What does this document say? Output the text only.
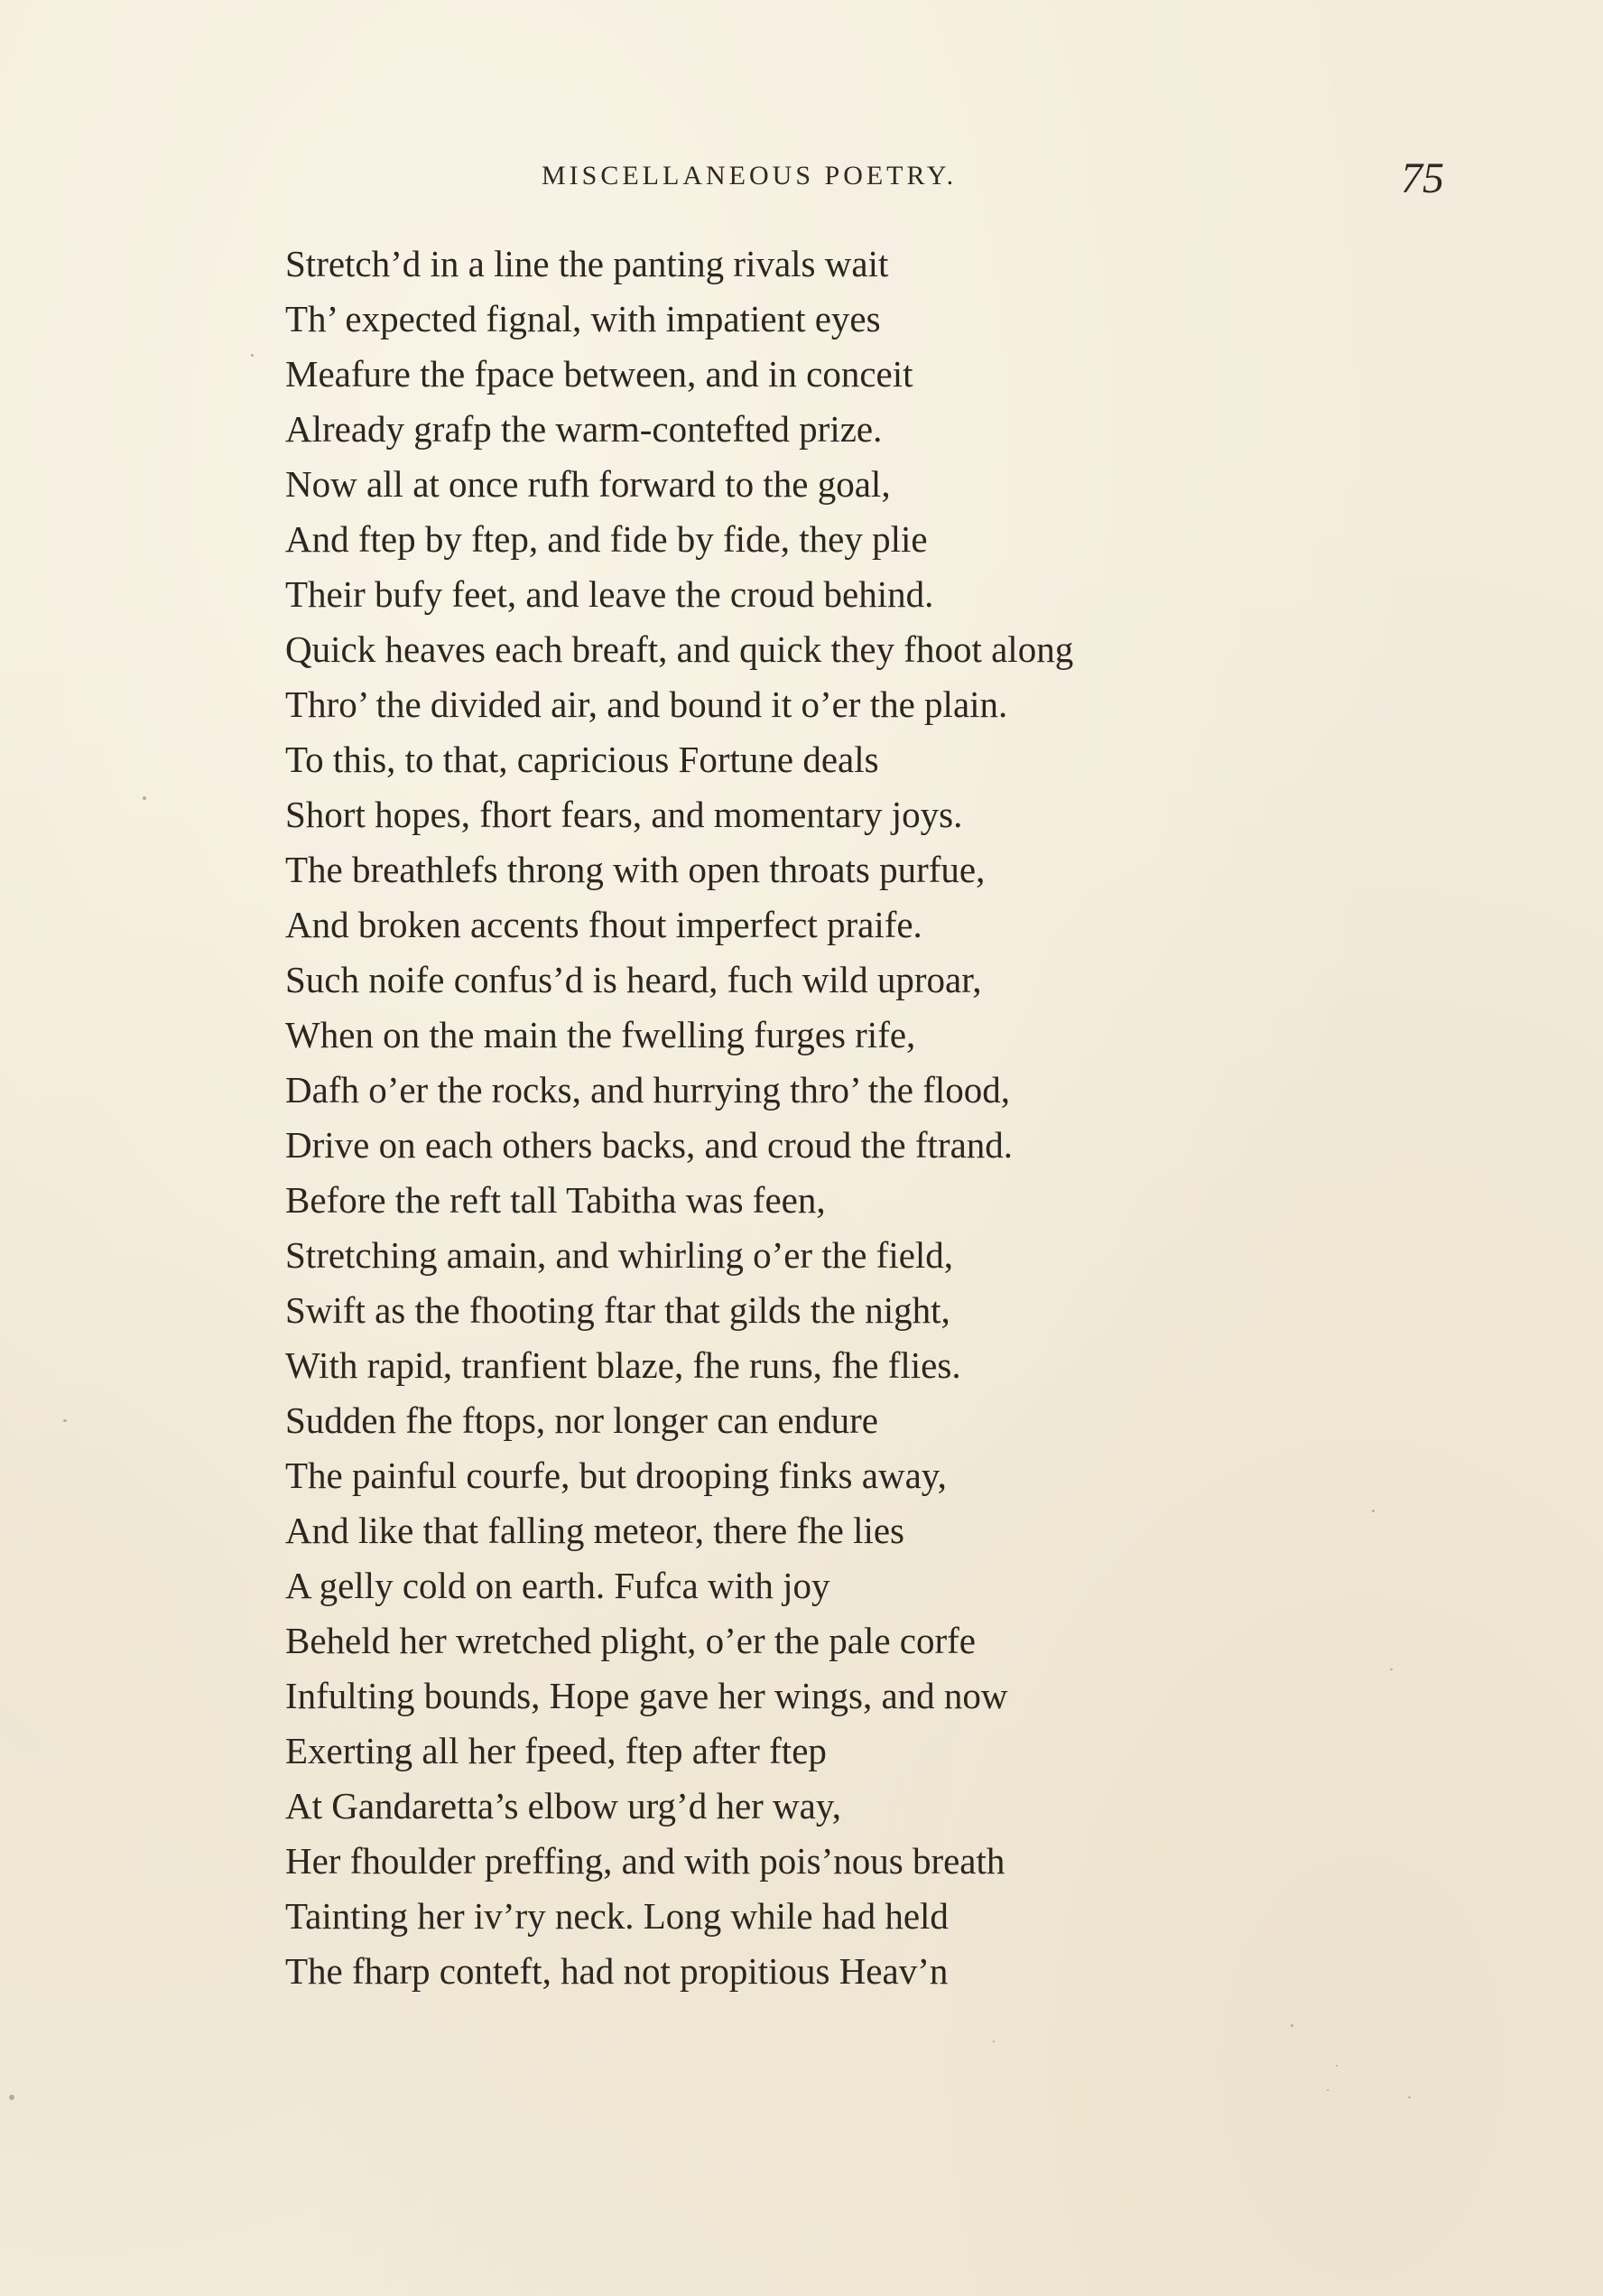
MISCELLANEOUS POETRY.	75
Stretch’d in a line the panting rivals wait
Th’ expected fignal, with impatient eyes
Meafure the fpace between, and in conceit
Already grafp the warm-contefted prize.
Now all at once rufh forward to the goal,
And ftep by ftep, and fide by fide, they plie
Their bufy feet, and leave the croud behind.
Quick heaves each breaft, and quick they fhoot along
Thro’ the divided air, and bound it o’er the plain.
To this, to that, capricious Fortune deals
Short hopes, fhort fears, and momentary joys.
The breathlefs throng with open throats purfue,
And broken accents fhout imperfect praife.
Such noife confus’d is heard, fuch wild uproar,
When on the main the fwelling furges rife,
Dafh o’er the rocks, and hurrying thro’ the flood,
Drive on each others backs, and croud the ftrand.
Before the reft tall Tabitha was feen,
Stretching amain, and whirling o’er the field,
Swift as the fhooting ftar that gilds the night,
With rapid, tranfient blaze, fhe runs, fhe flies.
Sudden fhe ftops, nor longer can endure
The painful courfe, but drooping finks away,
And like that falling meteor, there fhe lies
A gelly cold on earth. Fufca with joy
Beheld her wretched plight, o’er the pale corfe
Infulting bounds, Hope gave her wings, and now
Exerting all her fpeed, ftep after ftep
At Gandaretta’s elbow urg’d her way,
Her fhoulder preffing, and with pois’nous breath
Tainting her iv’ry neck. Long while had held
The fharp conteft, had not propitious Heav’n
